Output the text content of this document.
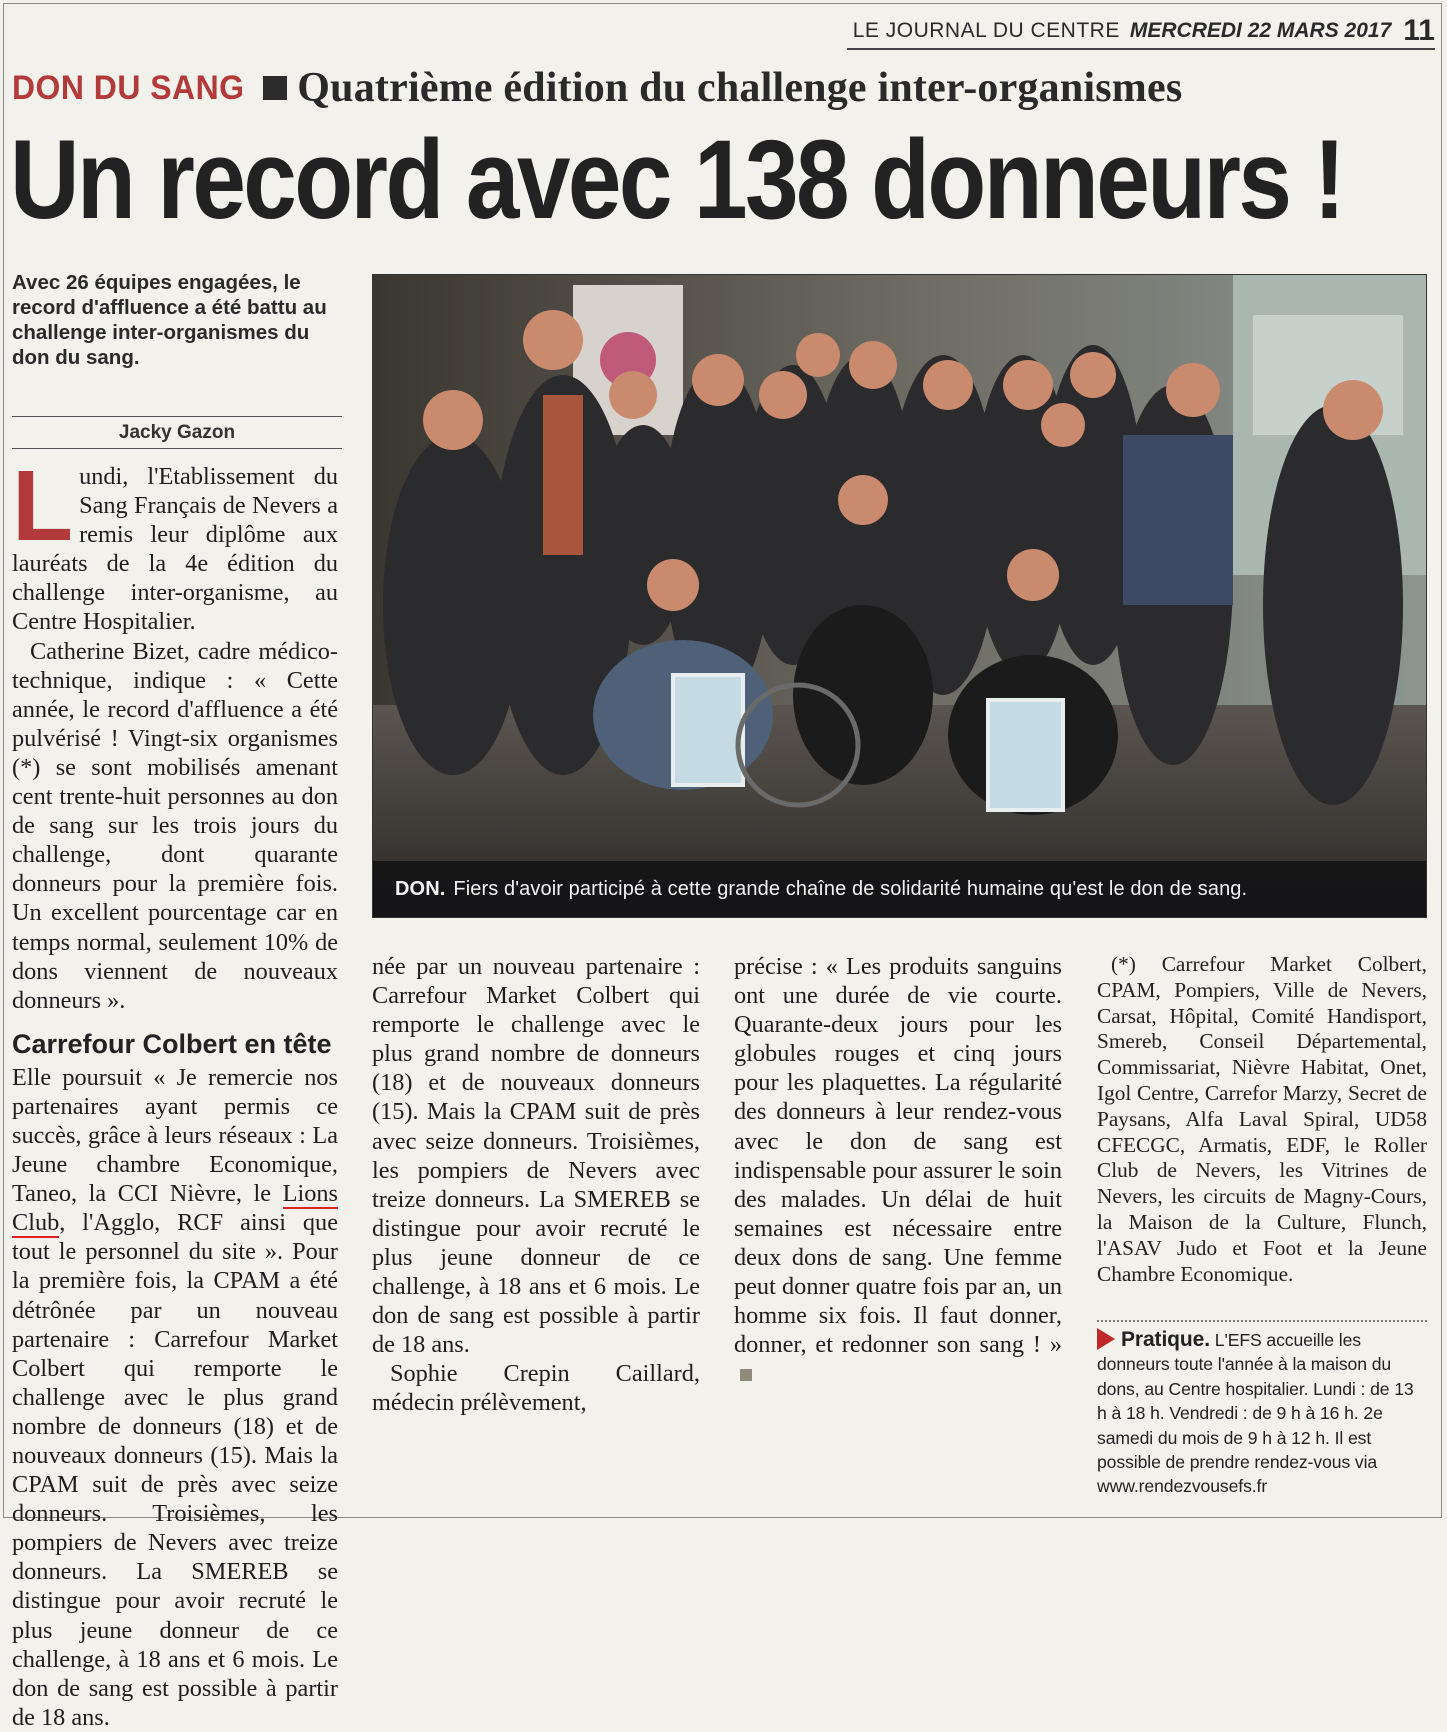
LE JOURNAL DU CENTRE MERCREDI 22 MARS 2017 11
DON DU SANG Quatrième édition du challenge inter-organismes
Un record avec 138 donneurs !
Avec 26 équipes engagées, le record d'affluence a été battu au challenge inter-organismes du don du sang.
Jacky Gazon

Lundi, l'Etablissement du Sang Français de Nevers a remis leur diplôme aux lauréats de la 4e édition du challenge inter-organisme, au Centre Hospitalier.

Catherine Bizet, cadre médico-technique, indique : « Cette année, le record d'affluence a été pulvérisé ! Vingt-six organismes (*) se sont mobilisés amenant cent trente-huit personnes au don de sang sur les trois jours du challenge, dont quarante donneurs pour la première fois. Un excellent pourcentage car en temps normal, seulement 10% de dons viennent de nouveaux donneurs ».

Carrefour Colbert en tête

Elle poursuit « Je remercie nos partenaires ayant permis ce succès, grâce à leurs réseaux : La Jeune chambre Economique, Taneo, la CCI Nièvre, le Lions Club, l'Agglo, RCF ainsi que tout le personnel du site ». Pour la première fois, la CPAM a été détrônée par un nouveau partenaire : Carrefour Market Colbert qui remporte le challenge avec le plus grand nombre de donneurs (18) et de nouveaux donneurs (15). Mais la CPAM suit de près avec seize donneurs. Troisièmes, les pompiers de Nevers avec treize donneurs. La SMEREB se distingue pour avoir recruté le plus jeune donneur de ce challenge, à 18 ans et 6 mois. Le don de sang est possible à partir de 18 ans.

DON. Fiers d'avoir participé à cette grande chaîne de solidarité humaine qu'est le don de sang.

née par un nouveau partenaire : Carrefour Market Colbert qui remporte le challenge avec le plus grand nombre de donneurs (18) et de nouveaux donneurs (15). Mais la CPAM suit de près avec seize donneurs. Troisièmes, les pompiers de Nevers avec treize donneurs. La SMEREB se distingue pour avoir recruté le plus jeune donneur de ce challenge, à 18 ans et 6 mois. Le don de sang est possible à partir de 18 ans.

Sophie Crepin Caillard, médecin prélèvement,

précise : « Les produits sanguins ont une durée de vie courte. Quarante-deux jours pour les globules rouges et cinq jours pour les plaquettes. La régularité des donneurs à leur rendez-vous avec le don de sang est indispensable pour assurer le soin des malades. Un délai de huit semaines est nécessaire entre deux dons de sang. Une femme peut donner quatre fois par an, un homme six fois. Il faut donner, donner, et redonner son sang ! »

(*) Carrefour Market Colbert, CPAM, Pompiers, Ville de Nevers, Carsat, Hôpital, Comité Handisport, Smereb, Conseil Départemental, Commissariat, Nièvre Habitat, Onet, Igol Centre, Carrefor Marzy, Secret de Paysans, Alfa Laval Spiral, UD58 CFECGC, Armatis, EDF, le Roller Club de Nevers, les Vitrines de Nevers, les circuits de Magny-Cours, la Maison de la Culture, Flunch, l'ASAV Judo et Foot et la Jeune Chambre Economique.

Pratique. L'EFS accueille les donneurs toute l'année à la maison du dons, au Centre hospitalier. Lundi : de 13 h à 18 h. Vendredi : de 9 h à 16 h. 2e samedi du mois de 9 h à 12 h. Il est possible de prendre rendez-vous via www.rendezvousefs.fr
